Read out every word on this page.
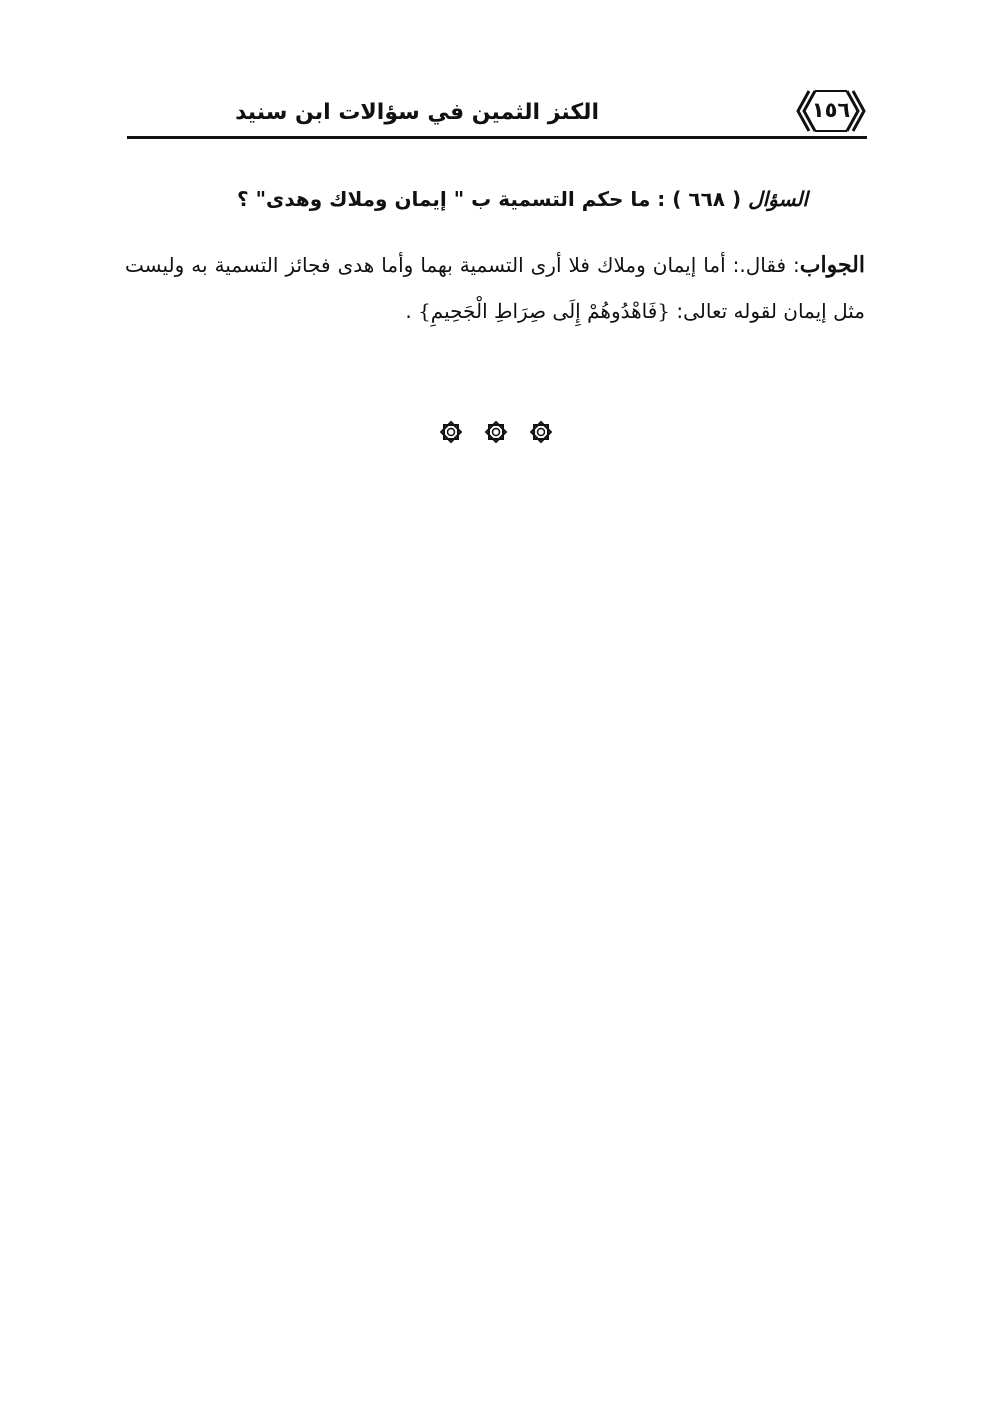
الكنز الثمين في سؤالات ابن سنيد	١٥٦
السؤال ( ٦٦٨ ) : ما حكم التسمية ب " إيمان وملاك وهدى" ؟
الجواب: فقال.: أما إيمان وملاك فلا أرى التسمية بهما وأما هدى فجائز التسمية به وليست مثل إيمان لقوله تعالى: {فَاهْدُوهُمْ إِلَى صِرَاطِ الْجَحِيمِ} .
